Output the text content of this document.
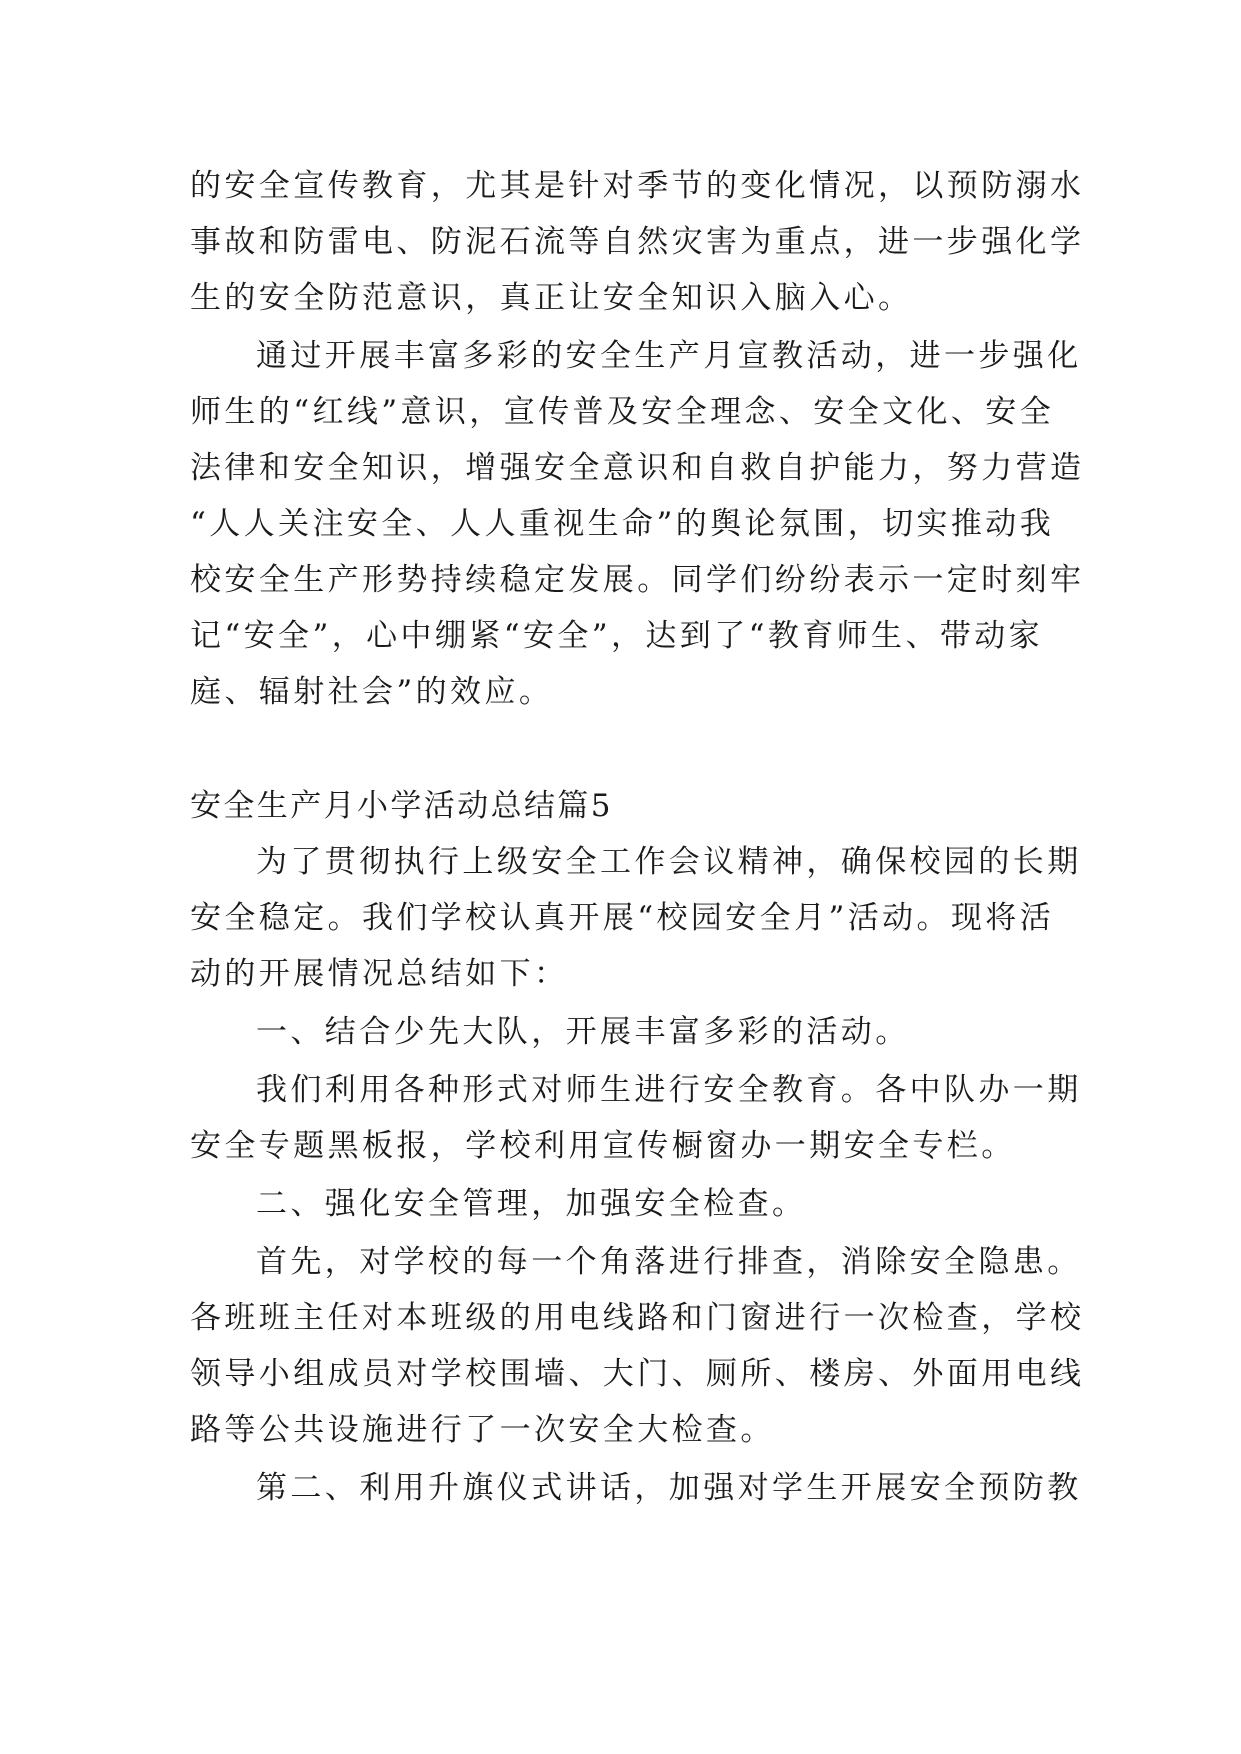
的安全宣传教育，尤其是针对季节的变化情况，以预防溺水
事故和防雷电、防泥石流等自然灾害为重点，进一步强化学
生的安全防范意识，真正让安全知识入脑入心。
通过开展丰富多彩的安全生产月宣教活动，进一步强化
师生的“红线”意识，宣传普及安全理念、安全文化、安全
法律和安全知识，增强安全意识和自救自护能力，努力营造
“人人关注安全、人人重视生命”的舆论氛围，切实推动我
校安全生产形势持续稳定发展。同学们纷纷表示一定时刻牢
记“安全”，心中绷紧“安全”，达到了“教育师生、带动家
庭、辐射社会”的效应。
安全生产月小学活动总结篇5
为了贯彻执行上级安全工作会议精神，确保校园的长期
安全稳定。我们学校认真开展“校园安全月”活动。现将活
动的开展情况总结如下：
一、结合少先大队，开展丰富多彩的活动。
我们利用各种形式对师生进行安全教育。各中队办一期
安全专题黑板报，学校利用宣传橱窗办一期安全专栏。
二、强化安全管理，加强安全检查。
首先，对学校的每一个角落进行排查，消除安全隐患。
各班班主任对本班级的用电线路和门窗进行一次检查，学校
领导小组成员对学校围墙、大门、厕所、楼房、外面用电线
路等公共设施进行了一次安全大检查。
第二、利用升旗仪式讲话，加强对学生开展安全预防教
